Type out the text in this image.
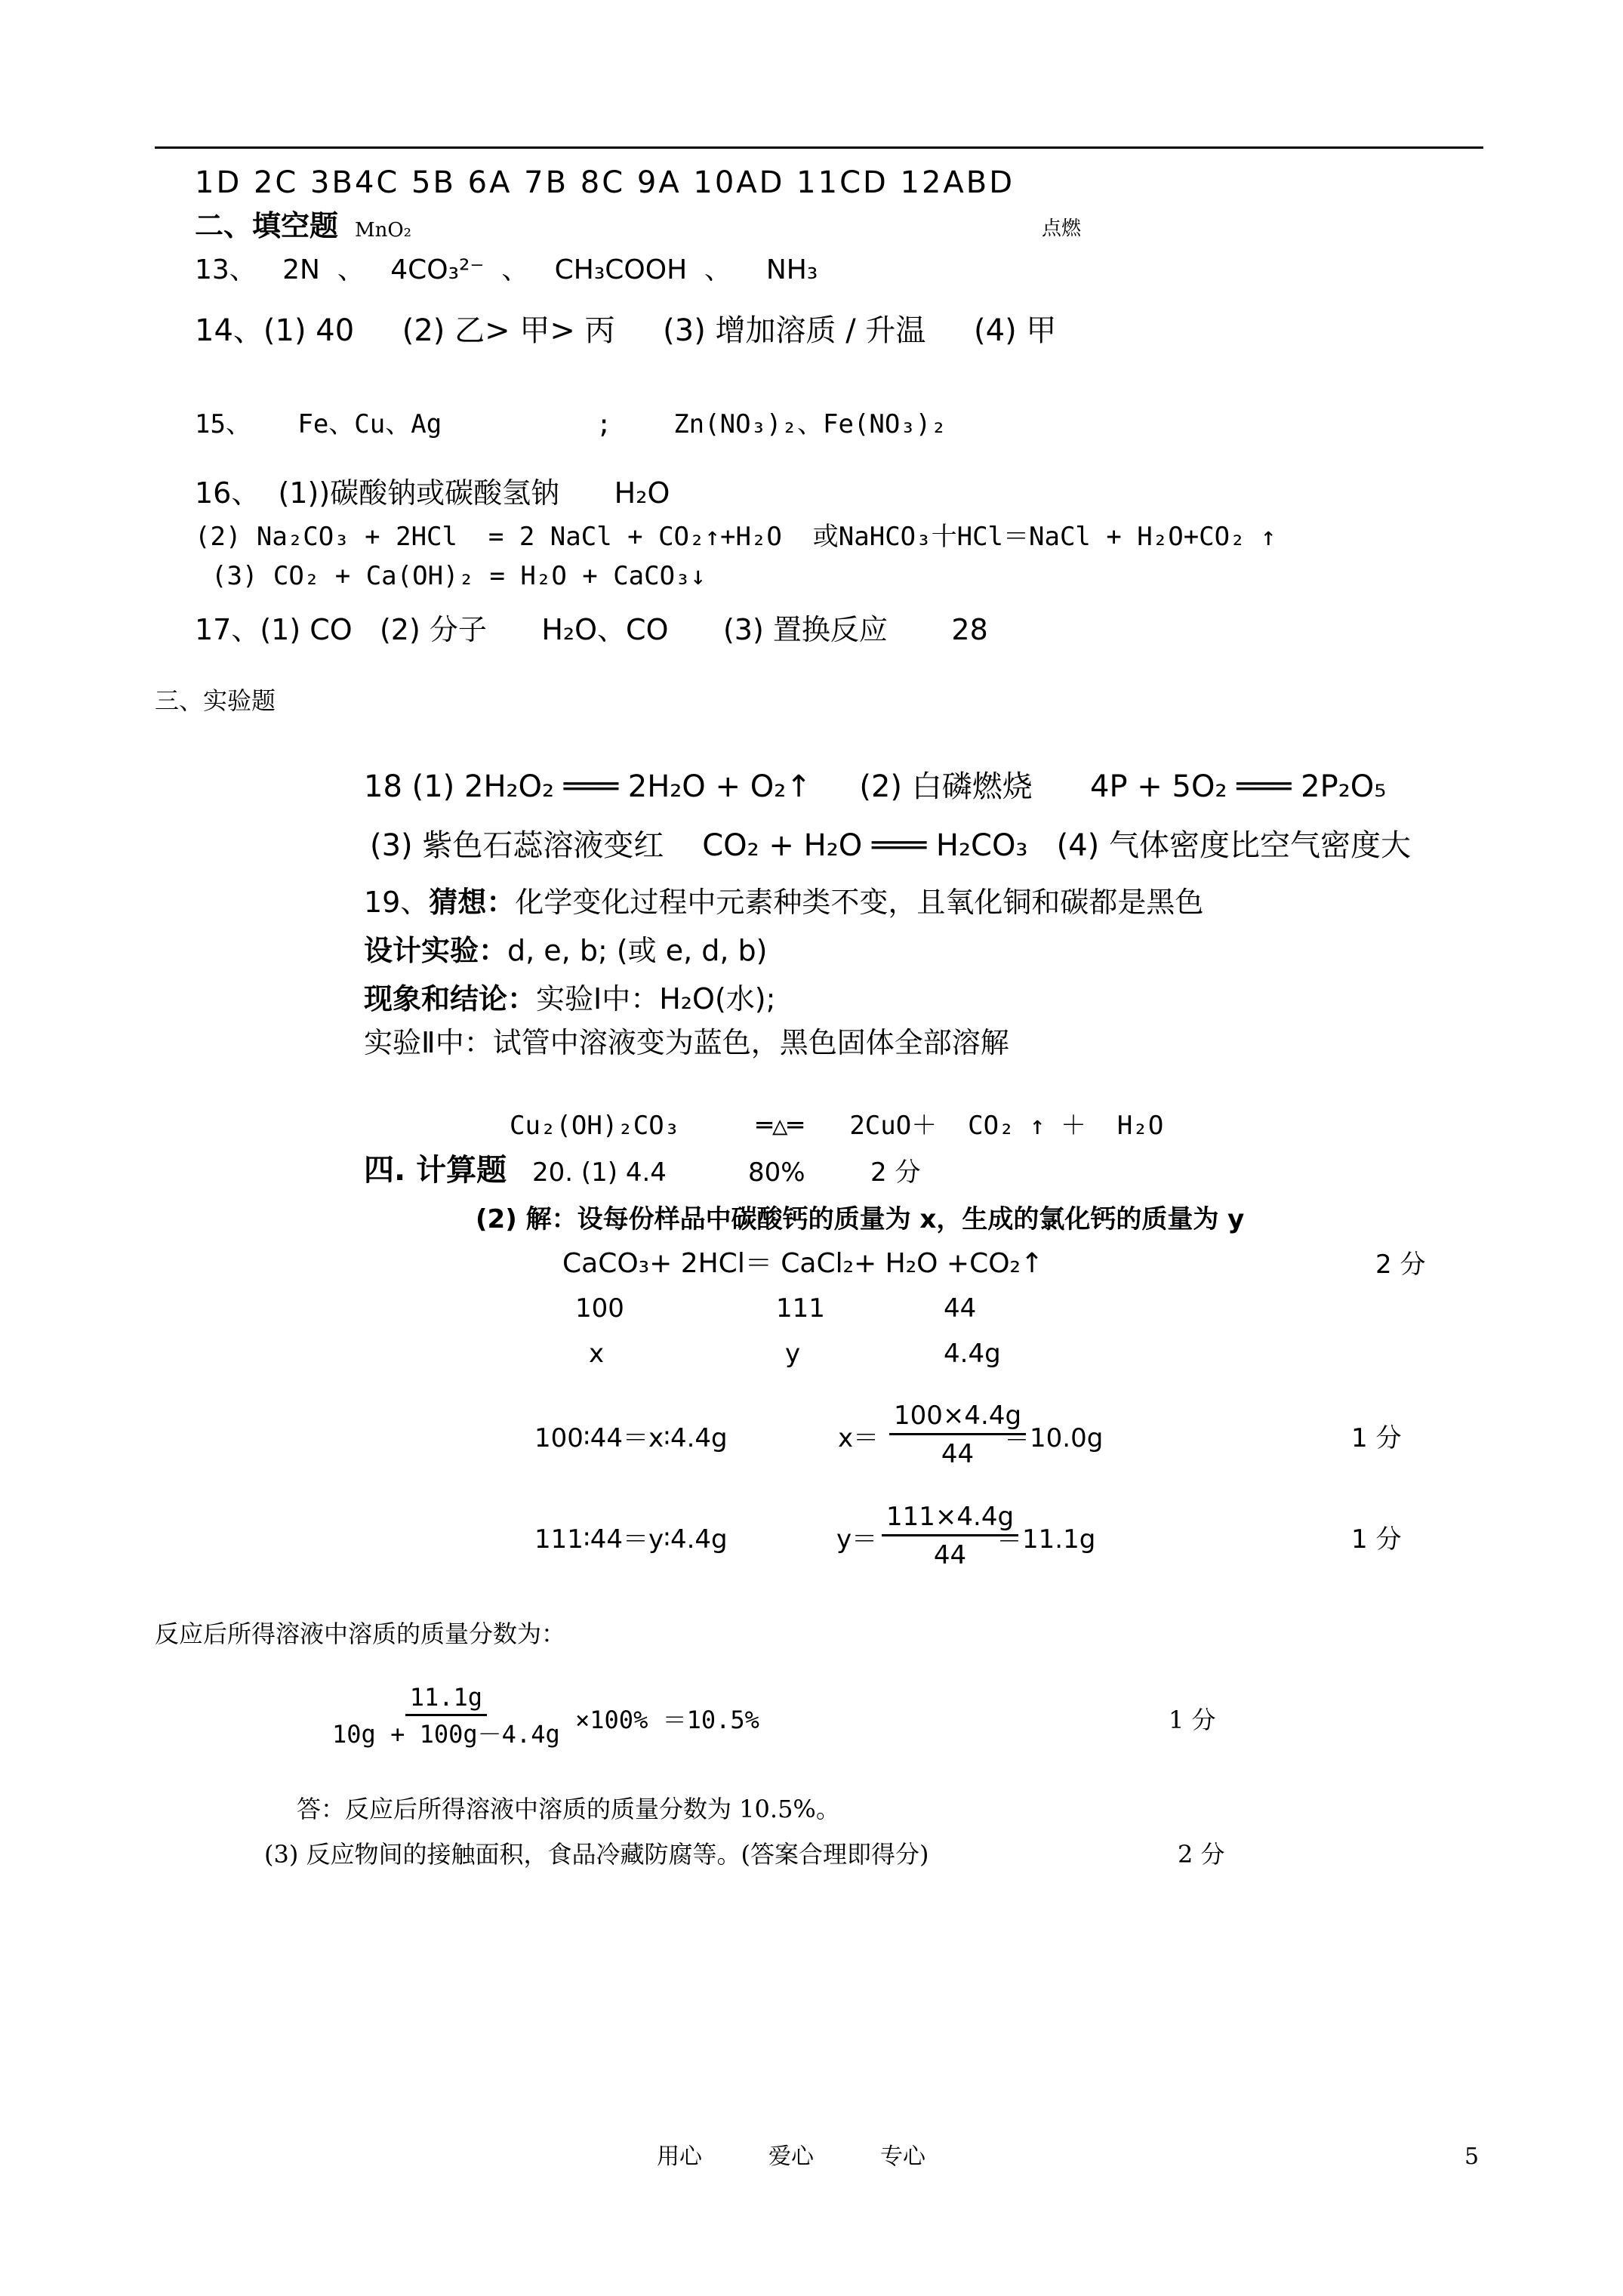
1D 2C 3B4C 5B 6A 7B 8C 9A 10AD 11CD 12ABD
二、填空题 MnO₂	点燃
13、   2N  、   4CO₃²⁻  、   CH₃COOH  、    NH₃
14、(1) 40     (2) 乙> 甲> 丙     (3) 增加溶质 / 升温     (4) 甲
15、   Fe、Cu、Ag          ;    Zn(NO₃)₂、Fe(NO₃)₂
16、  (1))碳酸钠或碳酸氢钠      H₂O
(2) Na₂CO₃ + 2HCl  = 2 NaCl + CO₂↑+H₂O  或NaHCO₃十HCl＝NaCl + H₂O+CO₂ ↑
(3) CO₂ + Ca(OH)₂ = H₂O + CaCO₃↓
17、(1) CO   (2) 分子      H₂O、CO      (3) 置换反应       28
三、实验题
18 (1) 2H₂O₂ ═══ 2H₂O + O₂↑     (2) 白磷燃烧      4P + 5O₂ ═══ 2P₂O₅
(3) 紫色石蕊溶液变红    CO₂ + H₂O ═══ H₂CO₃   (4) 气体密度比空气密度大
19、猜想：化学变化过程中元素种类不变，且氧化铜和碳都是黑色
设计实验：d, e, b; (或 e, d, b)
现象和结论：实验Ⅰ中：H₂O(水);
实验Ⅱ中：试管中溶液变为蓝色，黑色固体全部溶解
Cu₂(OH)₂CO₃     ═△═   2CuO＋  CO₂ ↑ ＋  H₂O
四. 计算题 20. (1) 4.4          80%        2 分
(2) 解：设每份样品中碳酸钙的质量为 x，生成的氯化钙的质量为 y
CaCO₃+ 2HCl＝ CaCl₂+ H₂O +CO₂↑	2 分
100	111	44
x	y	4.4g
100∶44＝x∶4.4g	$x= \frac{100\times 4.4g}{44}$
＝10.0g	1 分
111∶44＝y∶4.4g	$y= \frac{111\times 4.4g}{44}$
＝11.1g	1 分
反应后所得溶液中溶质的质量分数为：
$\frac{11.1g}{10g + 100g-4.4g} \times 100\% =10.5\%$	1 分
答：反应后所得溶液中溶质的质量分数为 10.5%。
(3) 反应物间的接触面积，食品冷藏防腐等。(答案合理即得分)	2 分
用心	爱心	专心	5
